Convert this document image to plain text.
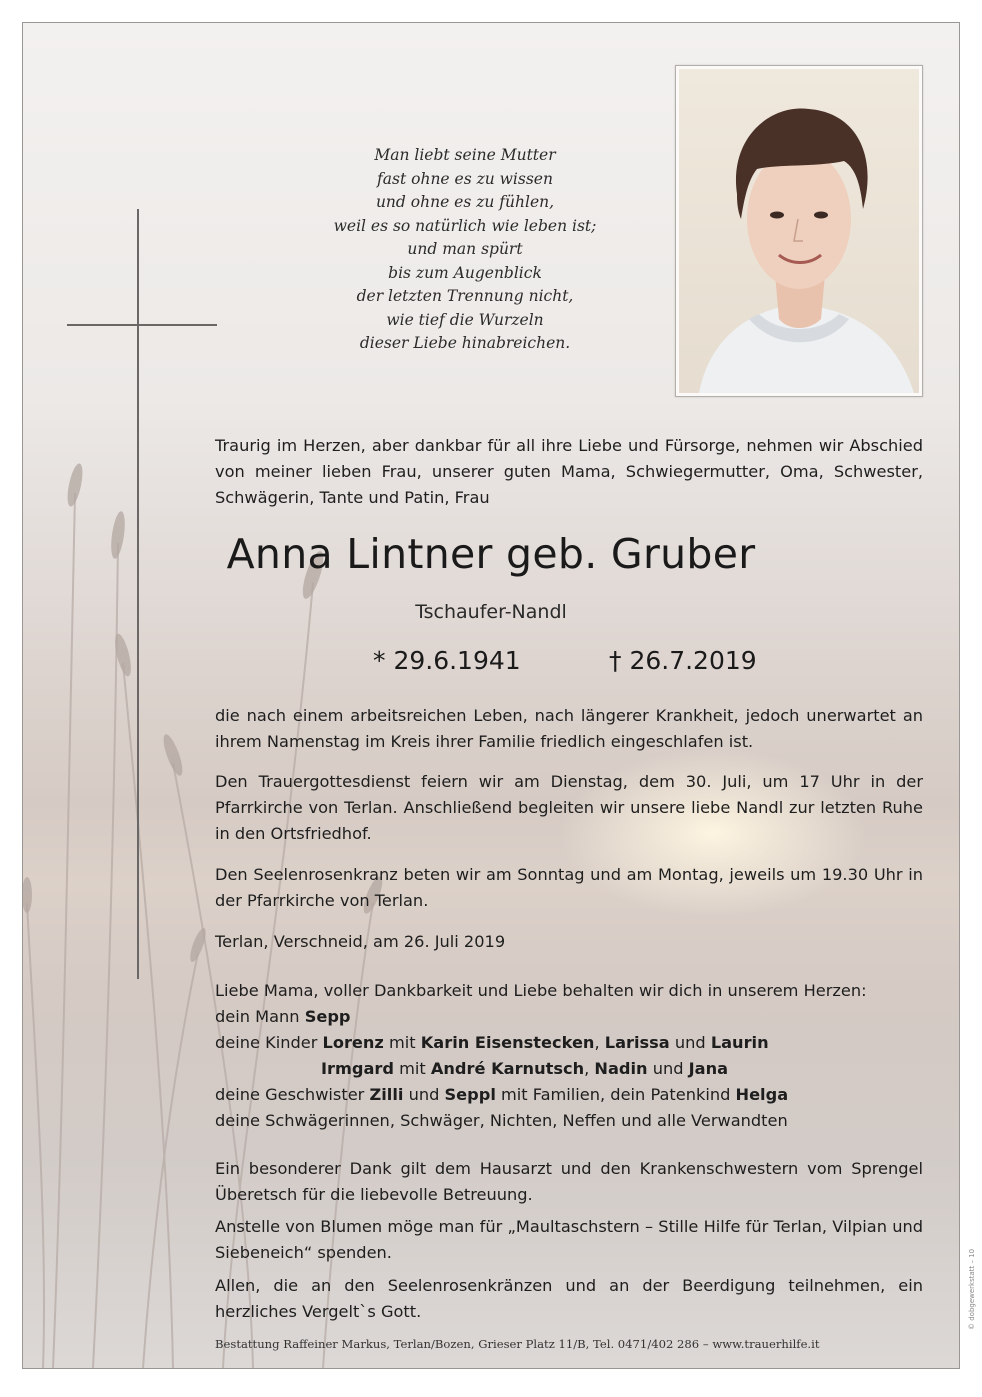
Man liebt seine Mutter
fast ohne es zu wissen
und ohne es zu fühlen,
weil es so natürlich wie leben ist;
und man spürt
bis zum Augenblick
der letzten Trennung nicht,
wie tief die Wurzeln
dieser Liebe hinabreichen.
Traurig im Herzen, aber dankbar für all ihre Liebe und Fürsorge, nehmen wir Abschied von meiner lieben Frau, unserer guten Mama, Schwiegermutter, Oma, Schwester, Schwägerin, Tante und Patin, Frau
Anna Lintner geb. Gruber
Tschaufer-Nandl
* 29.6.1941	† 26.7.2019
die nach einem arbeitsreichen Leben, nach längerer Krankheit, jedoch unerwartet an ihrem Namenstag im Kreis ihrer Familie friedlich eingeschlafen ist.
Den Trauergottesdienst feiern wir am Dienstag, dem 30. Juli, um 17 Uhr in der Pfarrkirche von Terlan. Anschließend begleiten wir unsere liebe Nandl zur letzten Ruhe in den Ortsfriedhof.
Den Seelenrosenkranz beten wir am Sonntag und am Montag, jeweils um 19.30 Uhr in der Pfarrkirche von Terlan.
Terlan, Verschneid, am 26. Juli 2019
Liebe Mama, voller Dankbarkeit und Liebe behalten wir dich in unserem Herzen:
dein Mann Sepp
deine Kinder Lorenz mit Karin Eisenstecken, Larissa und Laurin
Irmgard mit André Karnutsch, Nadin und Jana
deine Geschwister Zilli und Seppl mit Familien, dein Patenkind Helga
deine Schwägerinnen, Schwäger, Nichten, Neffen und alle Verwandten
Ein besonderer Dank gilt dem Hausarzt und den Krankenschwestern vom Sprengel Überetsch für die liebevolle Betreuung.
Anstelle von Blumen möge man für „Maultaschstern – Stille Hilfe für Terlan, Vilpian und Siebeneich“ spenden.
Allen, die an den Seelenrosenkränzen und an der Beerdigung teilnehmen, ein herzliches Vergelt`s Gott.
Bestattung Raffeiner Markus, Terlan/Bozen, Grieser Platz 11/B, Tel. 0471/402 286 – www.trauerhilfe.it
© dobgewerkstatt – 10
